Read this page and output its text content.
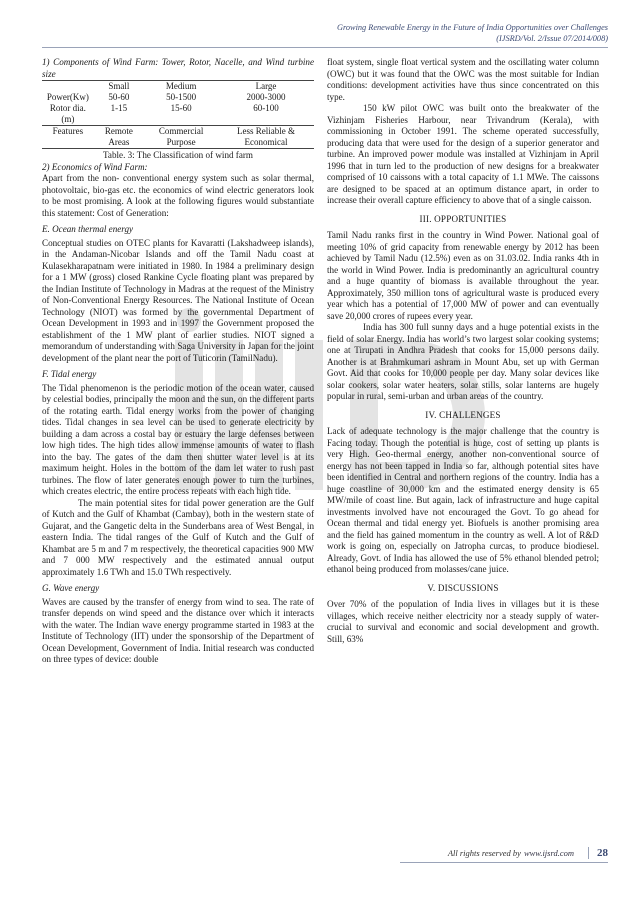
Growing Renewable Energy in the Future of India Opportunities over Challenges
(IJSRD/Vol. 2/Issue 07/2014/008)

1) Components of Wind Farm: Tower, Rotor, Nacelle, and Wind turbine size

	Small	Medium	Large
Power(Kw)	50-60	50-1500	2000-3000
Rotor dia.(m)	1-15	15-60	60-100
Features	Remote Areas	Commercial Purpose	Less Reliable & Economical

Table. 3: The Classification of wind farm

2) Economics of Wind Farm:

Apart from the non- conventional energy system such as solar thermal, photovoltaic, bio-gas etc. the economics of wind electric generators look to be most promising. A look at the following figures would substantiate this statement: Cost of Generation:

E. Ocean thermal energy

Conceptual studies on OTEC plants for Kavaratti (Lakshadweep islands), in the Andaman-Nicobar Islands and off the Tamil Nadu coast at Kulasekharapatnam were initiated in 1980. In 1984 a preliminary design for a 1 MW (gross) closed Rankine Cycle floating plant was prepared by the Indian Institute of Technology in Madras at the request of the Ministry of Non-Conventional Energy Resources. The National Institute of Ocean Technology (NIOT) was formed by the governmental Department of Ocean Development in 1993 and in 1997 the Government proposed the establishment of the 1 MW plant of earlier studies. NIOT signed a memorandum of understanding with Saga University in Japan for the joint development of the plant near the port of Tuticorin (TamilNadu).

F. Tidal energy

The Tidal phenomenon is the periodic motion of the ocean water, caused by celestial bodies, principally the moon and the sun, on the different parts of the rotating earth. Tidal energy works from the power of changing tides. Tidal changes in sea level can be used to generate electricity by building a dam across a costal bay or estuary the large defenses between low high tides. The high tides allow immense amounts of water to flash into the bay. The gates of the dam then shutter water level is at its maximum height. Holes in the bottom of the dam let water to rush past turbines. The flow of later generates enough power to turn the turbines, which creates electric, the entire process repeats with each high tide.

The main potential sites for tidal power generation are the Gulf of Kutch and the Gulf of Khambat (Cambay), both in the western state of Gujarat, and the Gangetic delta in the Sunderbans area of West Bengal, in eastern India. The tidal ranges of the Gulf of Kutch and the Gulf of Khambat are 5 m and 7 m respectively, the theoretical capacities 900 MW and 7 000 MW respectively and the estimated annual output approximately 1.6 TWh and 15.0 TWh respectively.

G. Wave energy

Waves are caused by the transfer of energy from wind to sea. The rate of transfer depends on wind speed and the distance over which it interacts with the water. The Indian wave energy programme started in 1983 at the Institute of Technology (IIT) under the sponsorship of the Department of Ocean Development, Government of India. Initial research was conducted on three types of device: double

float system, single float vertical system and the oscillating water column (OWC) but it was found that the OWC was the most suitable for Indian conditions: development activities have thus since concentrated on this type.

150 kW pilot OWC was built onto the breakwater of the Vizhinjam Fisheries Harbour, near Trivandrum (Kerala), with commissioning in October 1991. The scheme operated successfully, producing data that were used for the design of a superior generator and turbine. An improved power module was installed at Vizhinjam in April 1996 that in turn led to the production of new designs for a breakwater comprised of 10 caissons with a total capacity of 1.1 MWe. The caissons are designed to be spaced at an optimum distance apart, in order to increase their overall capture efficiency to above that of a single caisson.

III. OPPORTUNITIES

Tamil Nadu ranks first in the country in Wind Power. National goal of meeting 10% of grid capacity from renewable energy by 2012 has been achieved by Tamil Nadu (12.5%) even as on 31.03.02. India ranks 4th in the world in Wind Power. India is predominantly an agricultural country and a huge quantity of biomass is available throughout the year. Approximately, 350 million tons of agricultural waste is produced every year which has a potential of 17,000 MW of power and can eventually save 20,000 crores of rupees every year.

India has 300 full sunny days and a huge potential exists in the field of solar Energy. India has world’s two largest solar cooking systems; one at Tirupati in Andhra Pradesh that cooks for 15,000 persons daily. Another is at Brahmkumari ashram in Mount Abu, set up with German Govt. Aid that cooks for 10,000 people per day. Many solar devices like solar cookers, solar water heaters, solar stills, solar lanterns are hugely popular in rural, semi-urban and urban areas of the country.

IV. CHALLENGES

Lack of adequate technology is the major challenge that the country is Facing today. Though the potential is huge, cost of setting up plants is very High. Geo-thermal energy, another non-conventional source of energy has not been tapped in India so far, although potential sites have been identified in Central and northern regions of the country. India has a huge coastline of 30,000 km and the estimated energy density is 65 MW/mile of coast line. But again, lack of infrastructure and huge capital investments involved have not encouraged the Govt. To go ahead for Ocean thermal and tidal energy yet. Biofuels is another promising area and the field has gained momentum in the country as well. A lot of R&D work is going on, especially on Jatropha curcas, to produce biodiesel. Already, Govt. of India has allowed the use of 5% ethanol blended petrol; ethanol being produced from molasses/cane juice.

V. DISCUSSIONS

Over 70% of the population of India lives in villages but it is these villages, which receive neither electricity nor a steady supply of water- crucial to survival and economic and social development and growth. Still, 63%

All rights reserved by www.ijsrd.com	28
